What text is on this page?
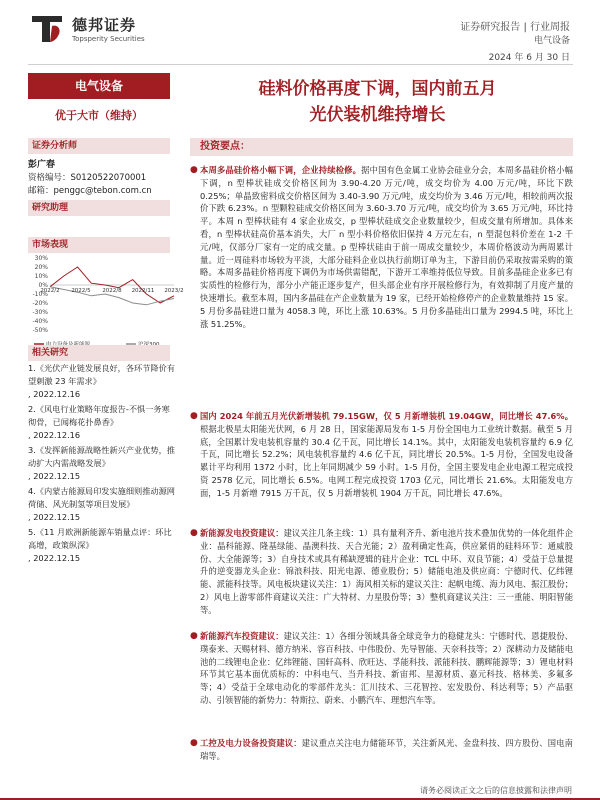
德邦证券
Topsperity Securities
证券研究报告 | 行业周报
电气设备
2024 年 6 月 30 日
电气设备
优于大市（维持）
证券分析师
彭广春
资格编号：S0120522070001
邮箱：penggc@tebon.com.cn
研究助理
市场表现
30%
20%
10%
0%
-10%
-20%
-30%
-40%
-50%
2022/2 2022/5 2022/8 2022/11 2023/2
相关研究
1.《光伏产业链发展良好，各环节降价有望刺激 23 年需求》
, 2022.12.16
2.《风电行业策略年度报告-不惧一务寒彻骨，已闻梅花扑鼻香》
, 2022.12.16
3.《发挥新能源战略性新兴产业优势，推动扩大内需战略发展》
, 2022.12.15
4.《内蒙古能源局印发实施细则推动源网荷储、风光制氢等项目发展》
, 2022.12.15
5.《11 月欧洲新能源车销量点评：环比高增，政策纵深》
, 2022.12.15
硅料价格再度下调，国内前五月
光伏装机维持增长
投资要点：
● 本周多晶硅价格小幅下调，企业持续检修。据中国有色金属工业协会硅业分会，本周多晶硅价格小幅下调，n 型棒状硅成交价格区间为 3.90-4.20 万元/吨，成交均价为 4.00 万元/吨，环比下跌 0.25%；单晶致密料成交价格区间为 3.40-3.90 万元/吨，成交均价为 3.46 万元/吨，相较前两次报价下跌 6.23%。n 型颗粒硅成交价格区间为 3.60-3.70 万元/吨，成交均价为 3.65 万元/吨，环比持平。本周 n 型棒状硅有 4 家企业成交，p 型棒状硅成交企业数量较少，但成交量有所增加。具体来看，n 型棒状硅高价基本消失，大厂 n 型小料价格依旧保持 4 万元左右，n 型混包料价差在 1-2 千元/吨，仅部分厂家有一定的成交量。p 型棒状硅由于前一周成交量较少，本周价格波动为两周累计量。近一周硅料市场较为平淡，大部分硅料企业以执行前期订单为主，下游目前仍采取按需采购的策略。本周多晶硅价格再度下调仍为市场供需错配，下游开工率维持低位导致。目前多晶硅企业多已有实质性的检修行为，部分小产能正逐步复产，但头部企业有序开展检修行为，有效抑制了月度产量的快速增长。截至本周，国内多晶硅在产企业数量为 19 家，已经开始检修停产的企业数量维持 15 家。5 月份多晶硅进口量为 4058.3 吨，环比上涨 10.63%。5 月份多晶硅出口量为 2994.5 吨，环比上涨 51.25%。
● 国内 2024 年前五月光伏新增装机 79.15GW，仅 5 月新增装机 19.04GW，同比增长 47.6%。根据北极星太阳能光伏网，6 月 28 日，国家能源局发布 1-5 月份全国电力工业统计数据。截至 5 月底，全国累计发电装机容量约 30.4 亿千瓦，同比增长 14.1%。其中，太阳能发电装机容量约 6.9 亿千瓦，同比增长 52.2%；风电装机容量约 4.6 亿千瓦，同比增长 20.5%。1-5 月份，全国发电设备累计平均利用 1372 小时，比上年同期减少 59 小时。1-5 月份，全国主要发电企业电源工程完成投资 2578 亿元，同比增长 6.5%。电网工程完成投资 1703 亿元，同比增长 21.6%。太阳能发电方面，1-5 月新增 7915 万千瓦，仅 5 月新增装机 1904 万千瓦，同比增长 47.6%。
● 新能源发电投资建议：建议关注几条主线：1）具有量利齐升、新电池片技术叠加优势的一体化组件企业：晶科能源、隆基绿能、晶澳科技、天合光能；2）盈利确定性高，供应紧俏的硅料环节：通威股份、大全能源等；3）自身技术或具有稀缺逻辑的硅片企业：TCL 中环、双良节能；4）受益于总量提升的逆变器龙头企业：锦浪科技、阳光电源、德业股份；5）储能电池及供应商：宁德时代、亿纬锂能、派能科技等。风电板块建议关注：1）海风相关标的建议关注：起帆电缆、海力风电、振江股份；2）风电上游零部件商建议关注：广大特材、力星股份等；3）整机商建议关注：三一重能、明阳智能等。
● 新能源汽车投资建议：建议关注：1）各细分领域具备全球竞争力的稳健龙头：宁德时代、恩捷股份、璞泰来、天赐材料、德方纳米、容百科技、中伟股份、先导智能、天奈科技等；2）深耕动力及储能电池的二线锂电企业：亿纬锂能、国轩高科、欣旺达、孚能科技、派能科技、鹏辉能源等；3）锂电材料环节其它基本面优质标的：中科电气、当升科技、新宙邦、星源材质、嘉元科技、格林美、多氟多等；4）受益于全球电动化的零部件龙头：汇川技术、三花智控、宏发股份、科达利等；5）产品驱动、引领智能的新势力：特斯拉、蔚来、小鹏汽车、理想汽车等。
● 工控及电力设备投资建议：建议重点关注电力储能环节，关注新风光、金盘科技、四方股份、国电南瑞等。
请务必阅读正文之后的信息披露和法律声明
